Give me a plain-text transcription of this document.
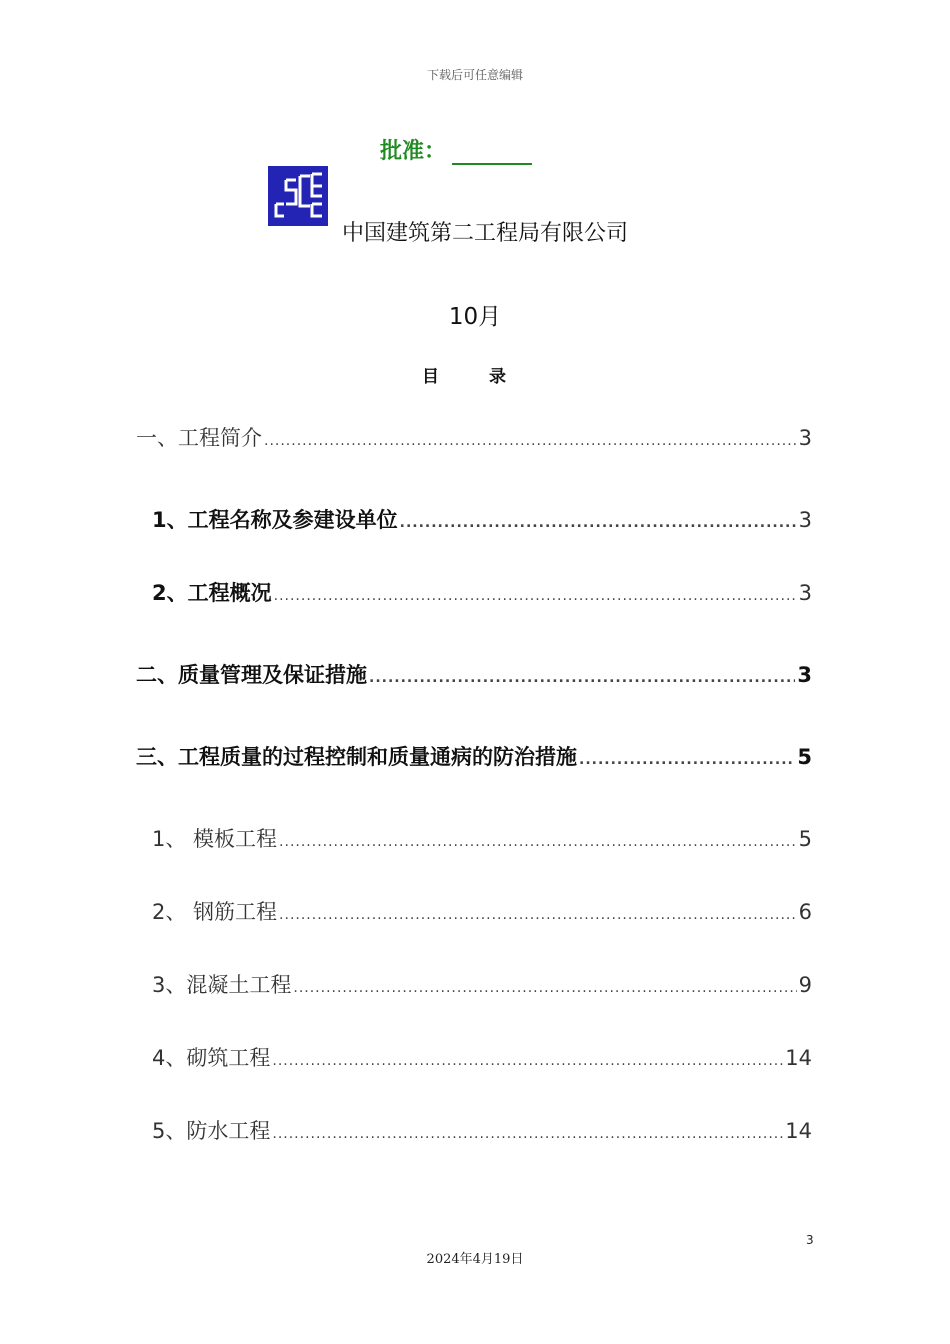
下载后可任意编辑
批准：
中国建筑第二工程局有限公司
10月
目 录
一、工程简介 .....	3
1、工程名称及参建设单位 .....	3
2、工程概况 .....	3
二、质量管理及保证措施 .....	3
三、工程质量的过程控制和质量通病的防治措施 .....	5
1、 模板工程 .....	5
2、 钢筋工程 .....	6
3、混凝土工程 .....	9
4、砌筑工程 .....	14
5、防水工程 .....	14
3
2024年4月19日
